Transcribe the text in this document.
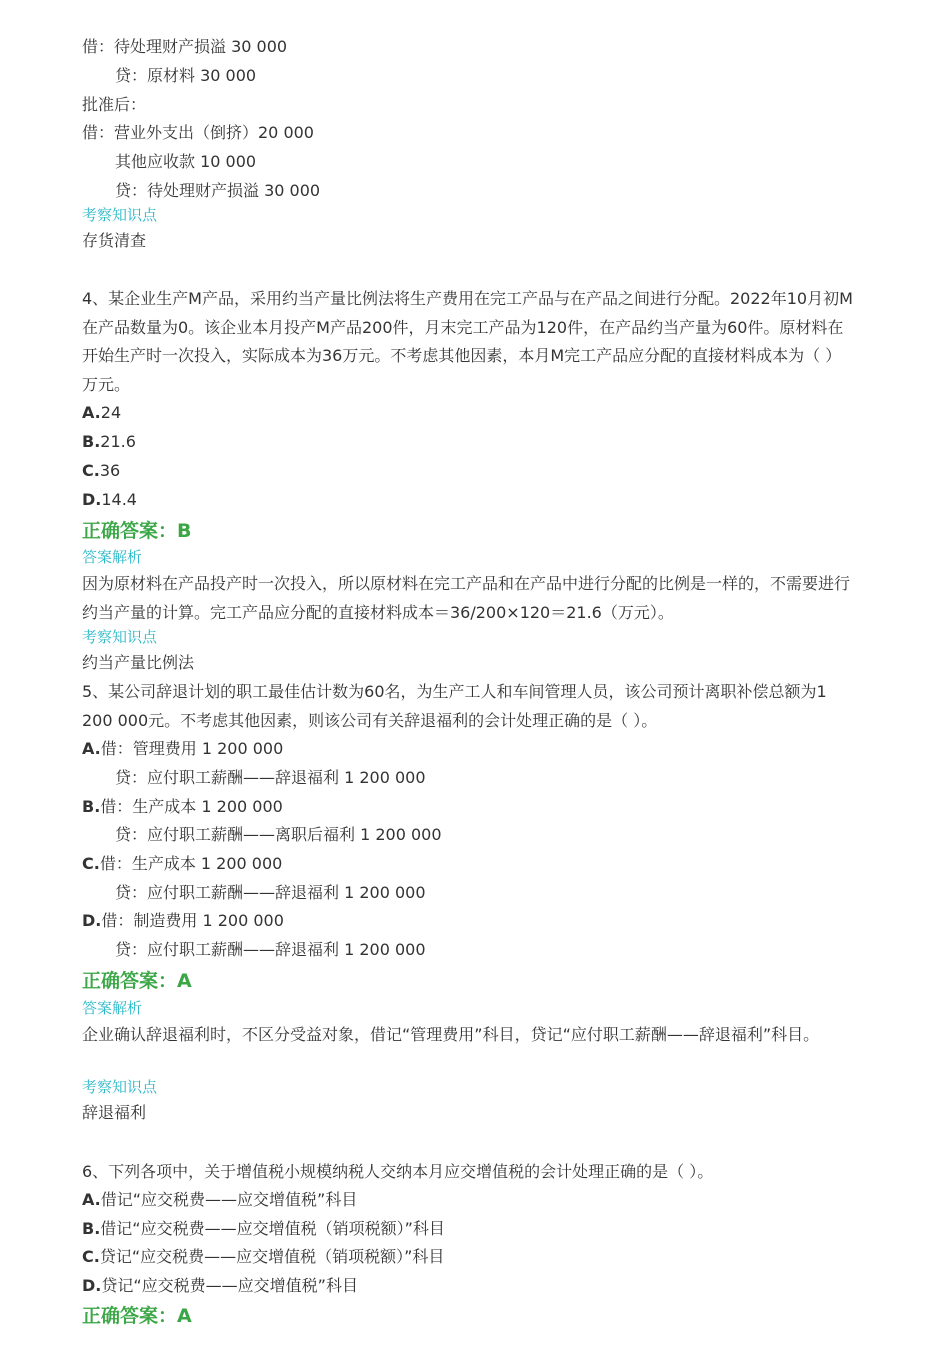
借：待处理财产损溢 30 000
贷：原材料 30 000
批准后：
借：营业外支出（倒挤）20 000
其他应收款 10 000
贷：待处理财产损溢 30 000
考察知识点
存货清查
4、某企业生产M产品，采用约当产量比例法将生产费用在完工产品与在产品之间进行分配。2022年10月初M在产品数量为0。该企业本月投产M产品200件，月末完工产品为120件，在产品约当产量为60件。原材料在开始生产时一次投入，实际成本为36万元。不考虑其他因素，本月M完工产品应分配的直接材料成本为（ ）万元。
A.24
B.21.6
C.36
D.14.4
正确答案：B
答案解析
因为原材料在产品投产时一次投入，所以原材料在完工产品和在产品中进行分配的比例是一样的，不需要进行约当产量的计算。完工产品应分配的直接材料成本＝36/200×120＝21.6（万元）。
考察知识点
约当产量比例法
5、某公司辞退计划的职工最佳估计数为60名，为生产工人和车间管理人员，该公司预计离职补偿总额为1 200 000元。不考虑其他因素，则该公司有关辞退福利的会计处理正确的是（ ）。
A.借：管理费用 1 200 000
贷：应付职工薪酬——辞退福利 1 200 000
B.借：生产成本 1 200 000
贷：应付职工薪酬——离职后福利 1 200 000
C.借：生产成本 1 200 000
贷：应付职工薪酬——辞退福利 1 200 000
D.借：制造费用 1 200 000
贷：应付职工薪酬——辞退福利 1 200 000
正确答案：A
答案解析
企业确认辞退福利时，不区分受益对象，借记“管理费用”科目，贷记“应付职工薪酬——辞退福利”科目。
考察知识点
辞退福利
6、下列各项中，关于增值税小规模纳税人交纳本月应交增值税的会计处理正确的是（ ）。
A.借记“应交税费——应交增值税”科目
B.借记“应交税费——应交增值税（销项税额）”科目
C.贷记“应交税费——应交增值税（销项税额）”科目
D.贷记“应交税费——应交增值税”科目
正确答案：A
